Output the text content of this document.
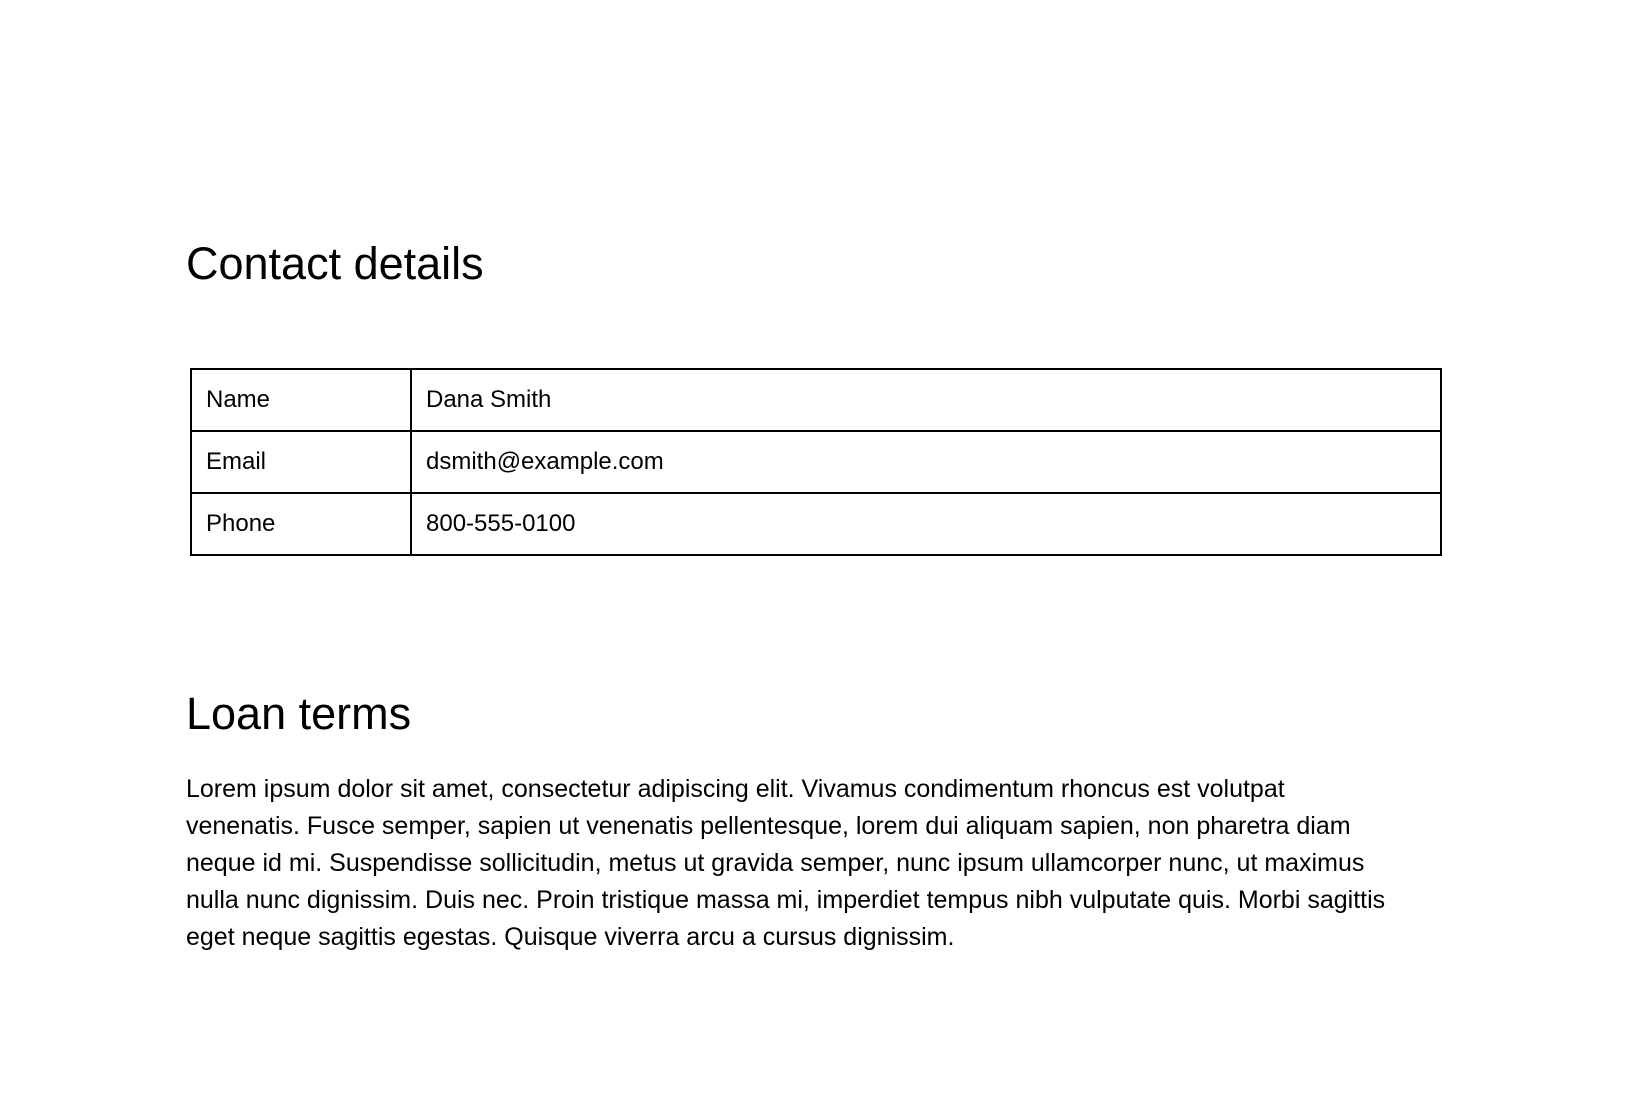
Contact details
Name	Dana Smith
Email	dsmith@example.com
Phone	800-555-0100
Loan terms

Lorem ipsum dolor sit amet, consectetur adipiscing elit. Vivamus condimentum rhoncus est volutpat venenatis. Fusce semper, sapien ut venenatis pellentesque, lorem dui aliquam sapien, non pharetra diam neque id mi. Suspendisse sollicitudin, metus ut gravida semper, nunc ipsum ullamcorper nunc, ut maximus nulla nunc dignissim. Duis nec. Proin tristique massa mi, imperdiet tempus nibh vulputate quis. Morbi sagittis eget neque sagittis egestas. Quisque viverra arcu a cursus dignissim.
